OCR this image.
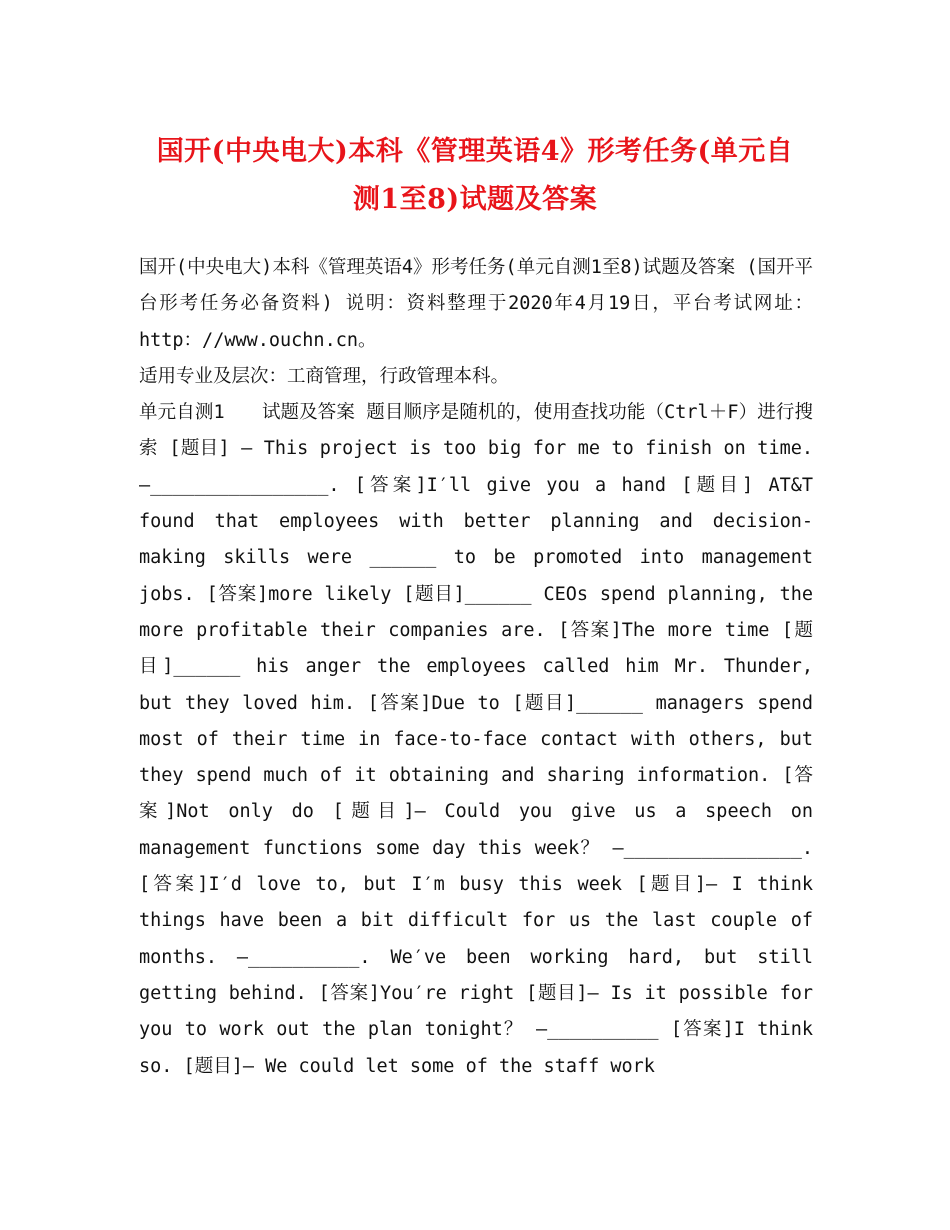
国开(中央电大)本科《管理英语4》形考任务(单元自
测1至8)试题及答案

国开(中央电大)本科《管理英语4》形考任务(单元自测1至8)试题及答案 (国开平台形考任务必备资料) 说明：资料整理于2020年4月19日，平台考试网址：http：//www.ouchn.cn。

适用专业及层次：工商管理，行政管理本科。

单元自测1　　试题及答案 题目顺序是随机的，使用查找功能（Ctrl＋F）进行搜索 [题目] — This project is too big for me to finish on time. —________________. [答案]I′ll give you a hand [题目] AT&T found that employees with better planning and decision-making skills were ______ to be promoted into management jobs. [答案]more likely [题目]______ CEOs spend planning, the more profitable their companies are. [答案]The more time [题目]______ his anger the employees called him Mr. Thunder, but they loved him. [答案]Due to [题目]______ managers spend most of their time in face-to-face contact with others, but they spend much of it obtaining and sharing information. [答案]Not only do [题目]— Could you give us a speech on management functions some day this week？ —________________. [答案]I′d love to, but I′m busy this week [题目]— I think things have been a bit difficult for us the last couple of months. —__________. We′ve been working hard, but still getting behind. [答案]You′re right [题目]— Is it possible for you to work out the plan tonight？ —__________ [答案]I think so. [题目]— We could let some of the staff work
